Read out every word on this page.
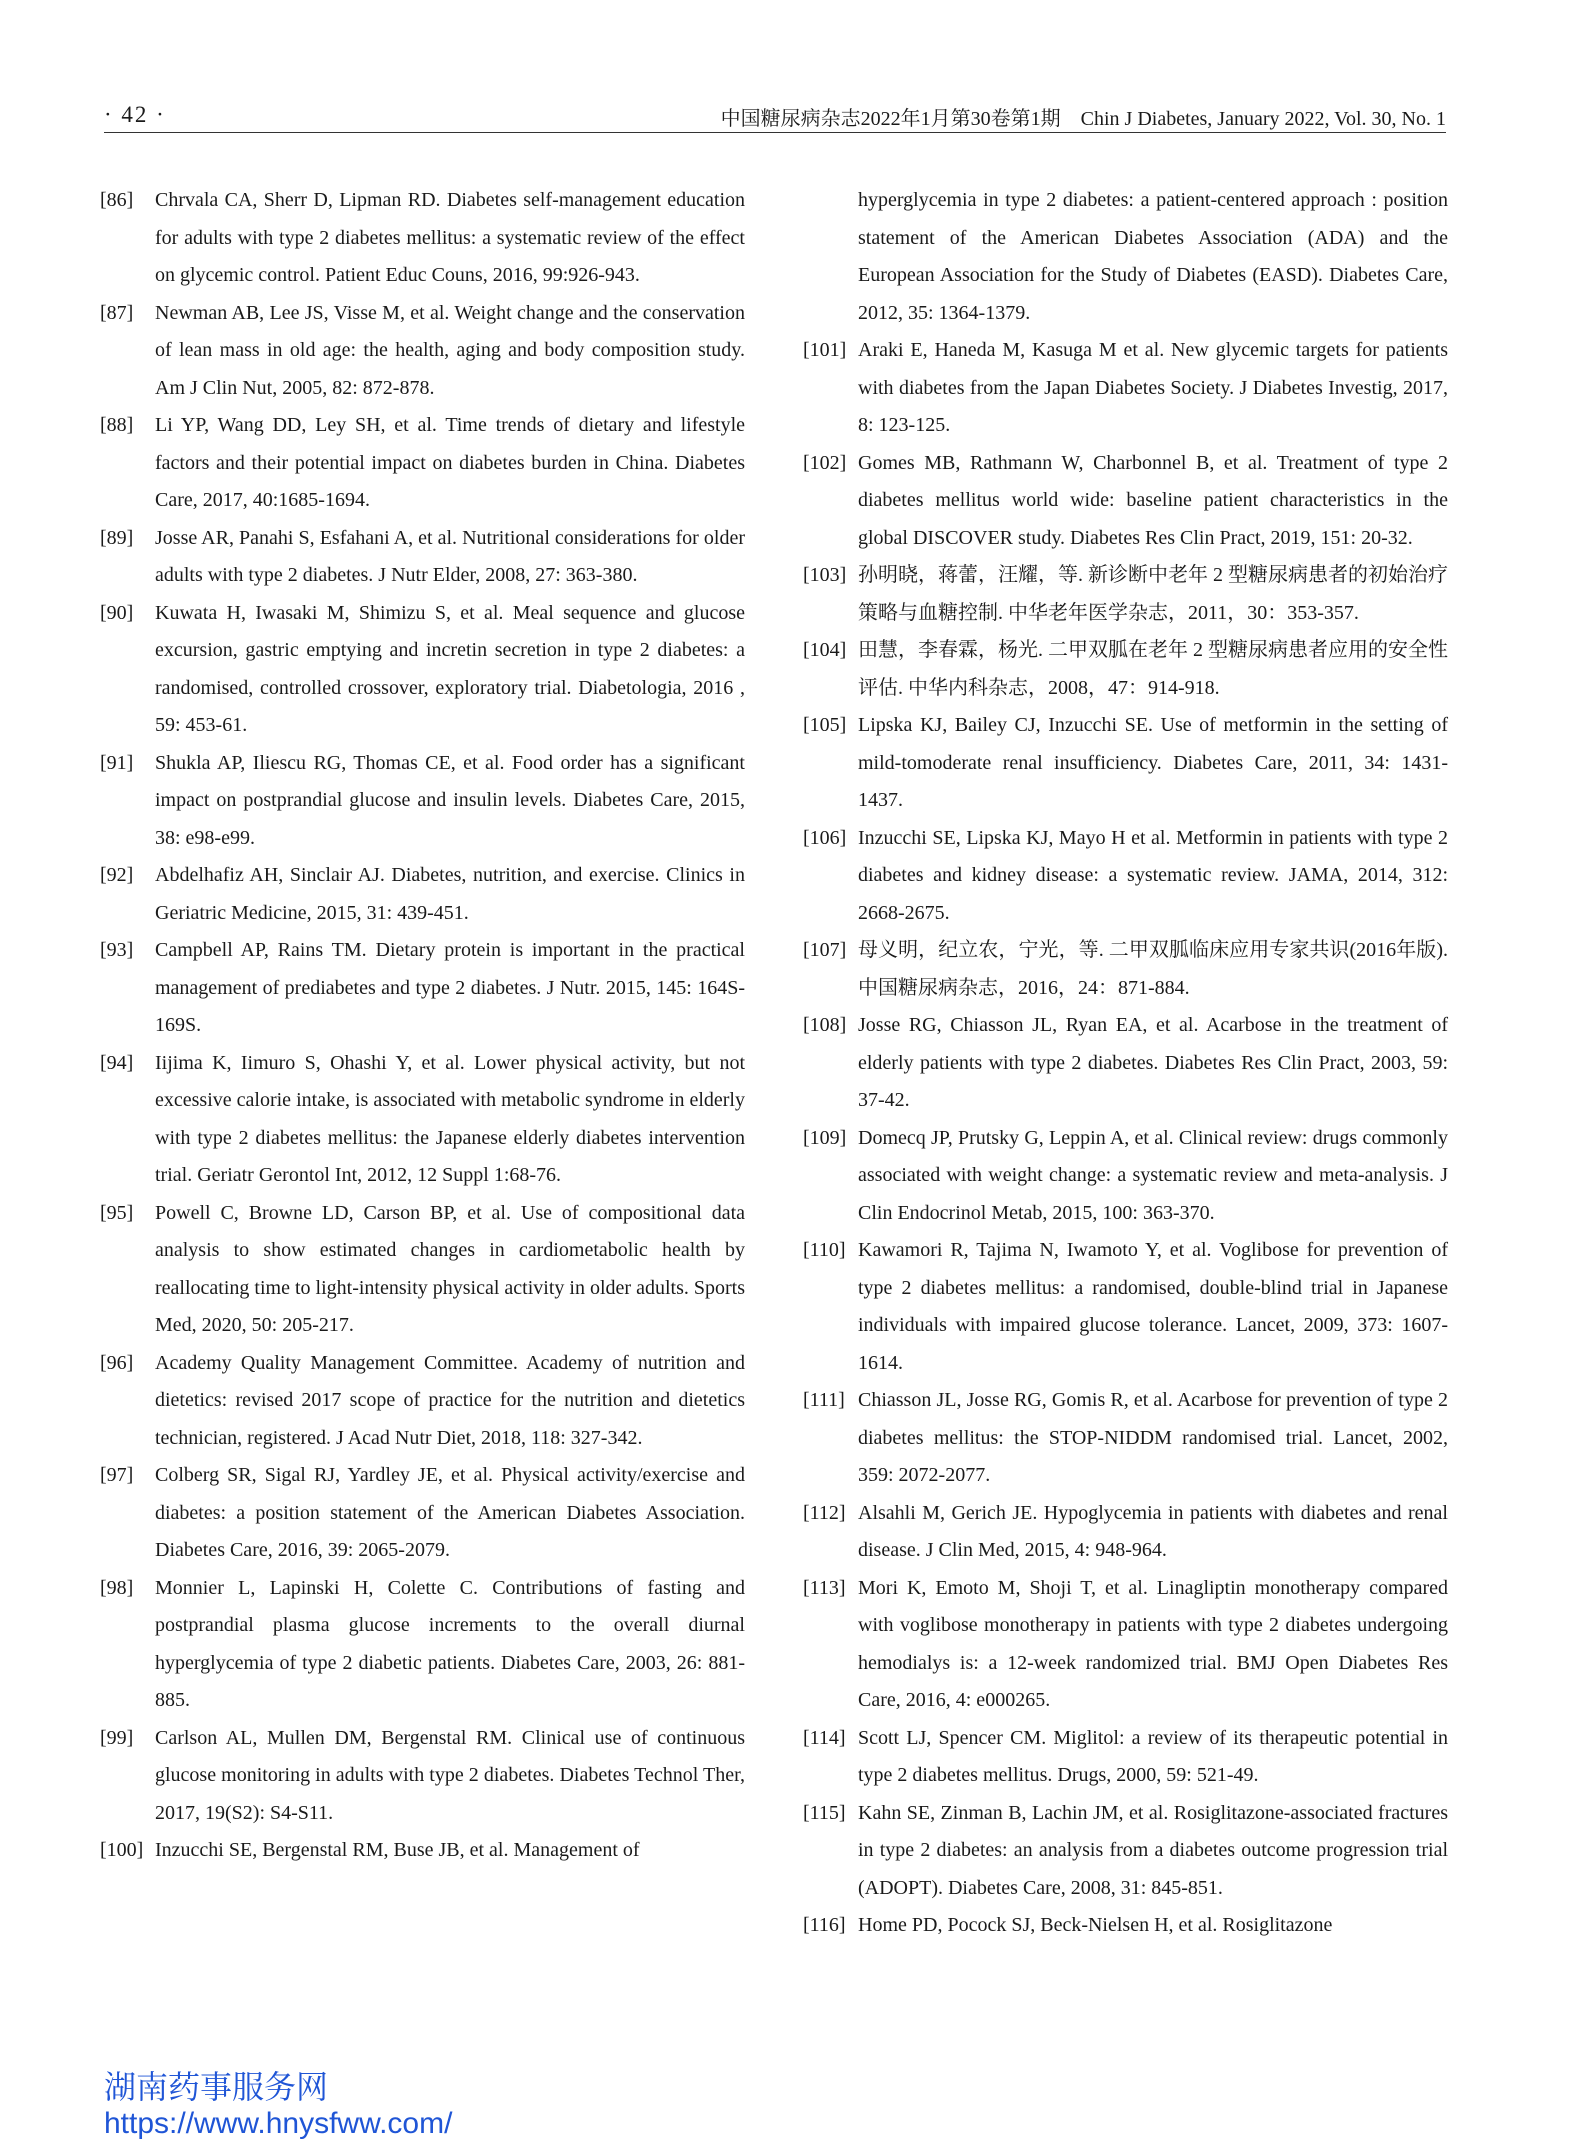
· 42 ·	中国糖尿病杂志2022年1月第30卷第1期　Chin J Diabetes, January 2022, Vol. 30, No. 1
[86] Chrvala CA, Sherr D, Lipman RD. Diabetes self-management education for adults with type 2 diabetes mellitus: a systematic review of the effect on glycemic control. Patient Educ Couns, 2016, 99:926-943.
[87] Newman AB, Lee JS, Visse M, et al. Weight change and the conservation of lean mass in old age: the health, aging and body composition study. Am J Clin Nut, 2005, 82: 872-878.
[88] Li YP, Wang DD, Ley SH, et al. Time trends of dietary and lifestyle factors and their potential impact on diabetes burden in China. Diabetes Care, 2017, 40:1685-1694.
[89] Josse AR, Panahi S, Esfahani A, et al. Nutritional considerations for older adults with type 2 diabetes. J Nutr Elder, 2008, 27: 363-380.
[90] Kuwata H, Iwasaki M, Shimizu S, et al. Meal sequence and glucose excursion, gastric emptying and incretin secretion in type 2 diabetes: a randomised, controlled crossover, exploratory trial. Diabetologia, 2016 , 59: 453-61.
[91] Shukla AP, Iliescu RG, Thomas CE, et al. Food order has a significant impact on postprandial glucose and insulin levels. Diabetes Care, 2015, 38: e98-e99.
[92] Abdelhafiz AH, Sinclair AJ. Diabetes, nutrition, and exercise. Clinics in Geriatric Medicine, 2015, 31: 439-451.
[93] Campbell AP, Rains TM. Dietary protein is important in the practical management of prediabetes and type 2 diabetes. J Nutr. 2015, 145: 164S-169S.
[94] Iijima K, Iimuro S, Ohashi Y, et al. Lower physical activity, but not excessive calorie intake, is associated with metabolic syndrome in elderly with type 2 diabetes mellitus: the Japanese elderly diabetes intervention trial. Geriatr Gerontol Int, 2012, 12 Suppl 1:68-76.
[95] Powell C, Browne LD, Carson BP, et al. Use of compositional data analysis to show estimated changes in cardiometabolic health by reallocating time to light-intensity physical activity in older adults. Sports Med, 2020, 50: 205-217.
[96] Academy Quality Management Committee. Academy of nutrition and dietetics: revised 2017 scope of practice for the nutrition and dietetics technician, registered. J Acad Nutr Diet, 2018, 118: 327-342.
[97] Colberg SR, Sigal RJ, Yardley JE, et al. Physical activity/exercise and diabetes: a position statement of the American Diabetes Association. Diabetes Care, 2016, 39: 2065-2079.
[98] Monnier L, Lapinski H, Colette C. Contributions of fasting and postprandial plasma glucose increments to the overall diurnal hyperglycemia of type 2 diabetic patients. Diabetes Care, 2003, 26: 881-885.
[99] Carlson AL, Mullen DM, Bergenstal RM. Clinical use of continuous glucose monitoring in adults with type 2 diabetes. Diabetes Technol Ther, 2017, 19(S2): S4-S11.
[100] Inzucchi SE, Bergenstal RM, Buse JB, et al. Management of
hyperglycemia in type 2 diabetes: a patient-centered approach : position statement of the American Diabetes Association (ADA) and the European Association for the Study of Diabetes (EASD). Diabetes Care, 2012, 35: 1364-1379.
[101] Araki E, Haneda M, Kasuga M et al. New glycemic targets for patients with diabetes from the Japan Diabetes Society. J Diabetes Investig, 2017, 8: 123-125.
[102] Gomes MB, Rathmann W, Charbonnel B, et al. Treatment of type 2 diabetes mellitus world wide: baseline patient characteristics in the global DISCOVER study. Diabetes Res Clin Pract, 2019, 151: 20-32.
[103] 孙明晓，蒋蕾，汪耀，等. 新诊断中老年 2 型糖尿病患者的初始治疗策略与血糖控制. 中华老年医学杂志，2011，30：353-357.
[104] 田慧，李春霖，杨光. 二甲双胍在老年 2 型糖尿病患者应用的安全性评估. 中华内科杂志，2008，47：914-918.
[105] Lipska KJ, Bailey CJ, Inzucchi SE. Use of metformin in the setting of mild-tomoderate renal insufficiency. Diabetes Care, 2011, 34: 1431-1437.
[106] Inzucchi SE, Lipska KJ, Mayo H et al. Metformin in patients with type 2 diabetes and kidney disease: a systematic review. JAMA, 2014, 312: 2668-2675.
[107] 母义明，纪立农，宁光，等. 二甲双胍临床应用专家共识(2016年版). 中国糖尿病杂志，2016，24：871-884.
[108] Josse RG, Chiasson JL, Ryan EA, et al. Acarbose in the treatment of elderly patients with type 2 diabetes. Diabetes Res Clin Pract, 2003, 59: 37-42.
[109] Domecq JP, Prutsky G, Leppin A, et al. Clinical review: drugs commonly associated with weight change: a systematic review and meta-analysis. J Clin Endocrinol Metab, 2015, 100: 363-370.
[110] Kawamori R, Tajima N, Iwamoto Y, et al. Voglibose for prevention of type 2 diabetes mellitus: a randomised, double-blind trial in Japanese individuals with impaired glucose tolerance. Lancet, 2009, 373: 1607-1614.
[111] Chiasson JL, Josse RG, Gomis R, et al. Acarbose for prevention of type 2 diabetes mellitus: the STOP-NIDDM randomised trial. Lancet, 2002, 359: 2072-2077.
[112] Alsahli M, Gerich JE. Hypoglycemia in patients with diabetes and renal disease. J Clin Med, 2015, 4: 948-964.
[113] Mori K, Emoto M, Shoji T, et al. Linagliptin monotherapy compared with voglibose monotherapy in patients with type 2 diabetes undergoing hemodialys is: a 12-week randomized trial. BMJ Open Diabetes Res Care, 2016, 4: e000265.
[114] Scott LJ, Spencer CM. Miglitol: a review of its therapeutic potential in type 2 diabetes mellitus. Drugs, 2000, 59: 521-49.
[115] Kahn SE, Zinman B, Lachin JM, et al. Rosiglitazone-associated fractures in type 2 diabetes: an analysis from a diabetes outcome progression trial (ADOPT). Diabetes Care, 2008, 31: 845-851.
[116] Home PD, Pocock SJ, Beck-Nielsen H, et al. Rosiglitazone
湖南药事服务网
https://www.hnysfww.com/
